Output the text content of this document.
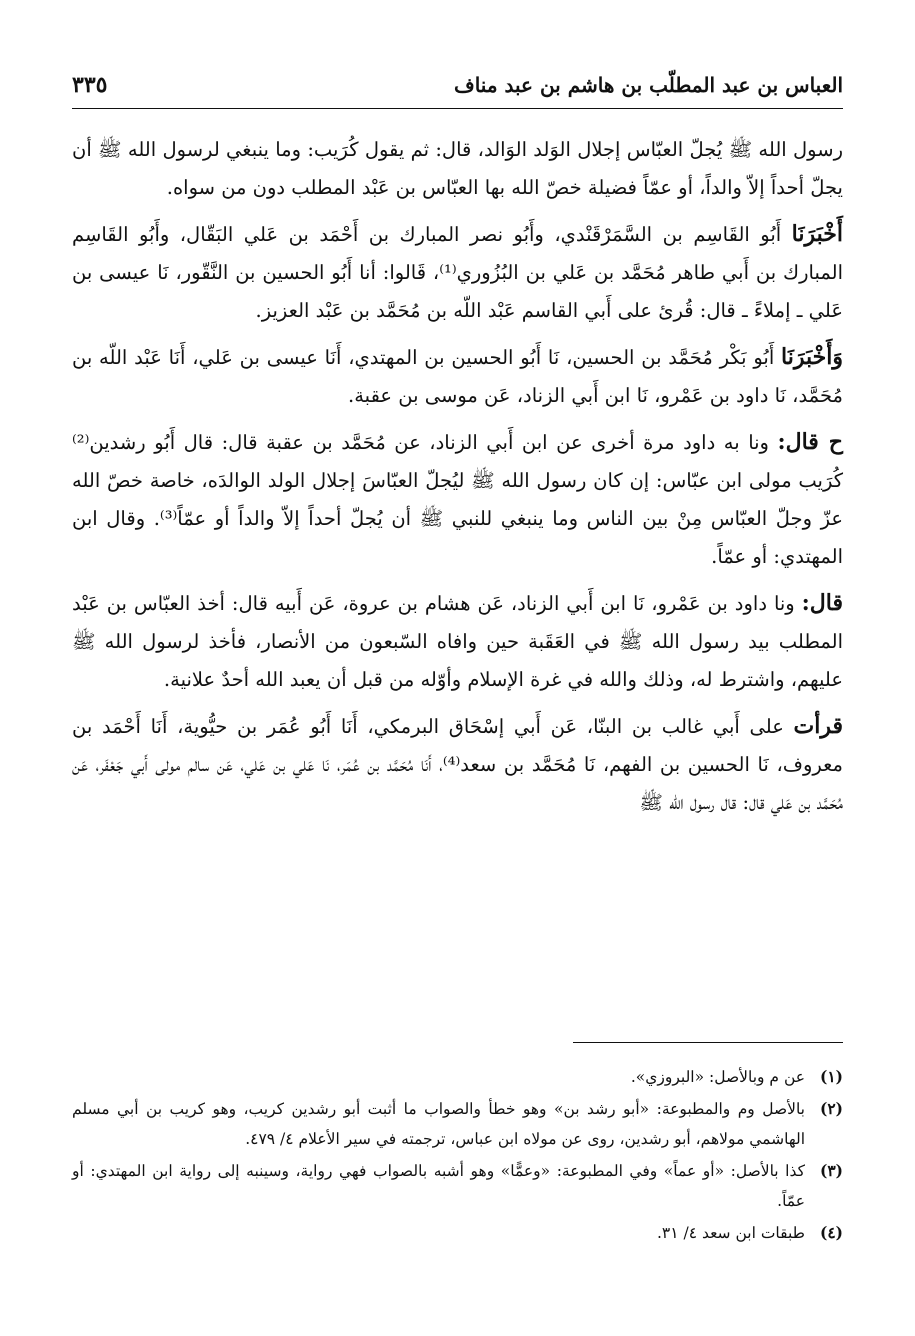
العباس بن عبد المطلّب بن هاشم بن عبد مناف
٣٣٥

رسول الله ﷺ يُجلّ العبّاس إجلال الوَلد الوَالد، قال: ثم يقول كُرَيب: وما ينبغي لرسول الله ﷺ أن يجلّ أحداً إلاّ والداً، أو عمّاً فضيلة خصّ الله بها العبّاس بن عَبْد المطلب دون من سواه.

أَخْبَرَنَا أَبُو القَاسِم بن السَّمَرْقَنْدي، وأَبُو نصر المبارك بن أَحْمَد بن عَلي البَقّال، وأَبُو القَاسِم المبارك بن أَبي طاهر مُحَمَّد بن عَلي بن البُزُوري⁽¹⁾، قَالوا: أنا أَبُو الحسين بن النَّقّور، نَا عيسى بن عَلي ـ إملاءً ـ قال: قُرئ على أَبي القاسم عَبْد اللّه بن مُحَمَّد بن عَبْد العزيز.

وَأَخْبَرَنَا أَبُو بَكْر مُحَمَّد بن الحسين، نَا أَبُو الحسين بن المهتدي، أَنَا عيسى بن عَلي، أَنَا عَبْد اللّه بن مُحَمَّد، نَا داود بن عَمْرو، نَا ابن أَبي الزناد، عَن موسى بن عقبة.

ح قال: ونا به داود مرة أخرى عن ابن أَبي الزناد، عن مُحَمَّد بن عقبة قال: قال أَبُو رشدين⁽²⁾ كُرَيب مولى ابن عبّاس: إن كان رسول الله ﷺ ليُجلّ العبّاسَ إجلال الولد الوالدَه، خاصة خصّ الله عزّ وجلّ العبّاس مِنْ بين الناس وما ينبغي للنبي ﷺ أن يُجلّ أحداً إلاّ والداً أو عمّاً⁽³⁾. وقال ابن المهتدي: أو عمّاً.

قال: ونا داود بن عَمْرو، نَا ابن أَبي الزناد، عَن هشام بن عروة، عَن أَبيه قال: أخذ العبّاس بن عَبْد المطلب بيد رسول الله ﷺ في العَقَبة حين وافاه السّبعون من الأنصار، فأخذ لرسول الله ﷺ عليهم، واشترط له، وذلك والله في غرة الإسلام وأوّله من قبل أن يعبد الله أحدٌ علانية.

قرأت على أَبي غالب بن البنّا، عَن أَبي إسْحَاق البرمكي، أَنَا أَبُو عُمَر بن حيُّوية، أَنَا أَحْمَد بن معروف، نَا الحسين بن الفهم، نَا مُحَمَّد بن سعد⁽⁴⁾، أَنَا مُحَمَّد بن عُمَر، نَا عَلي بن عَلي، عَن سالم مولى أَبي جَعْفَر، عَن مُحَمَّد بن عَلي قال: قال رسول الله ﷺ

(١)
عن م وبالأصل: «البروزي».
(٢)
بالأصل وم والمطبوعة: «أبو رشد بن» وهو خطأ والصواب ما أثبت أبو رشدين كريب، وهو كريب بن أبي مسلم الهاشمي مولاهم، أبو رشدين، روى عن مولاه ابن عباس، ترجمته في سير الأعلام ٤/ ٤٧٩.
(٣)
كذا بالأصل: «أو عماً» وفي المطبوعة: «وعمًّا» وهو أشبه بالصواب فهي رواية، وسينبه إلى رواية ابن المهتدي: أو عمّاً.
(٤)
طبقات ابن سعد ٤/ ٣١.
